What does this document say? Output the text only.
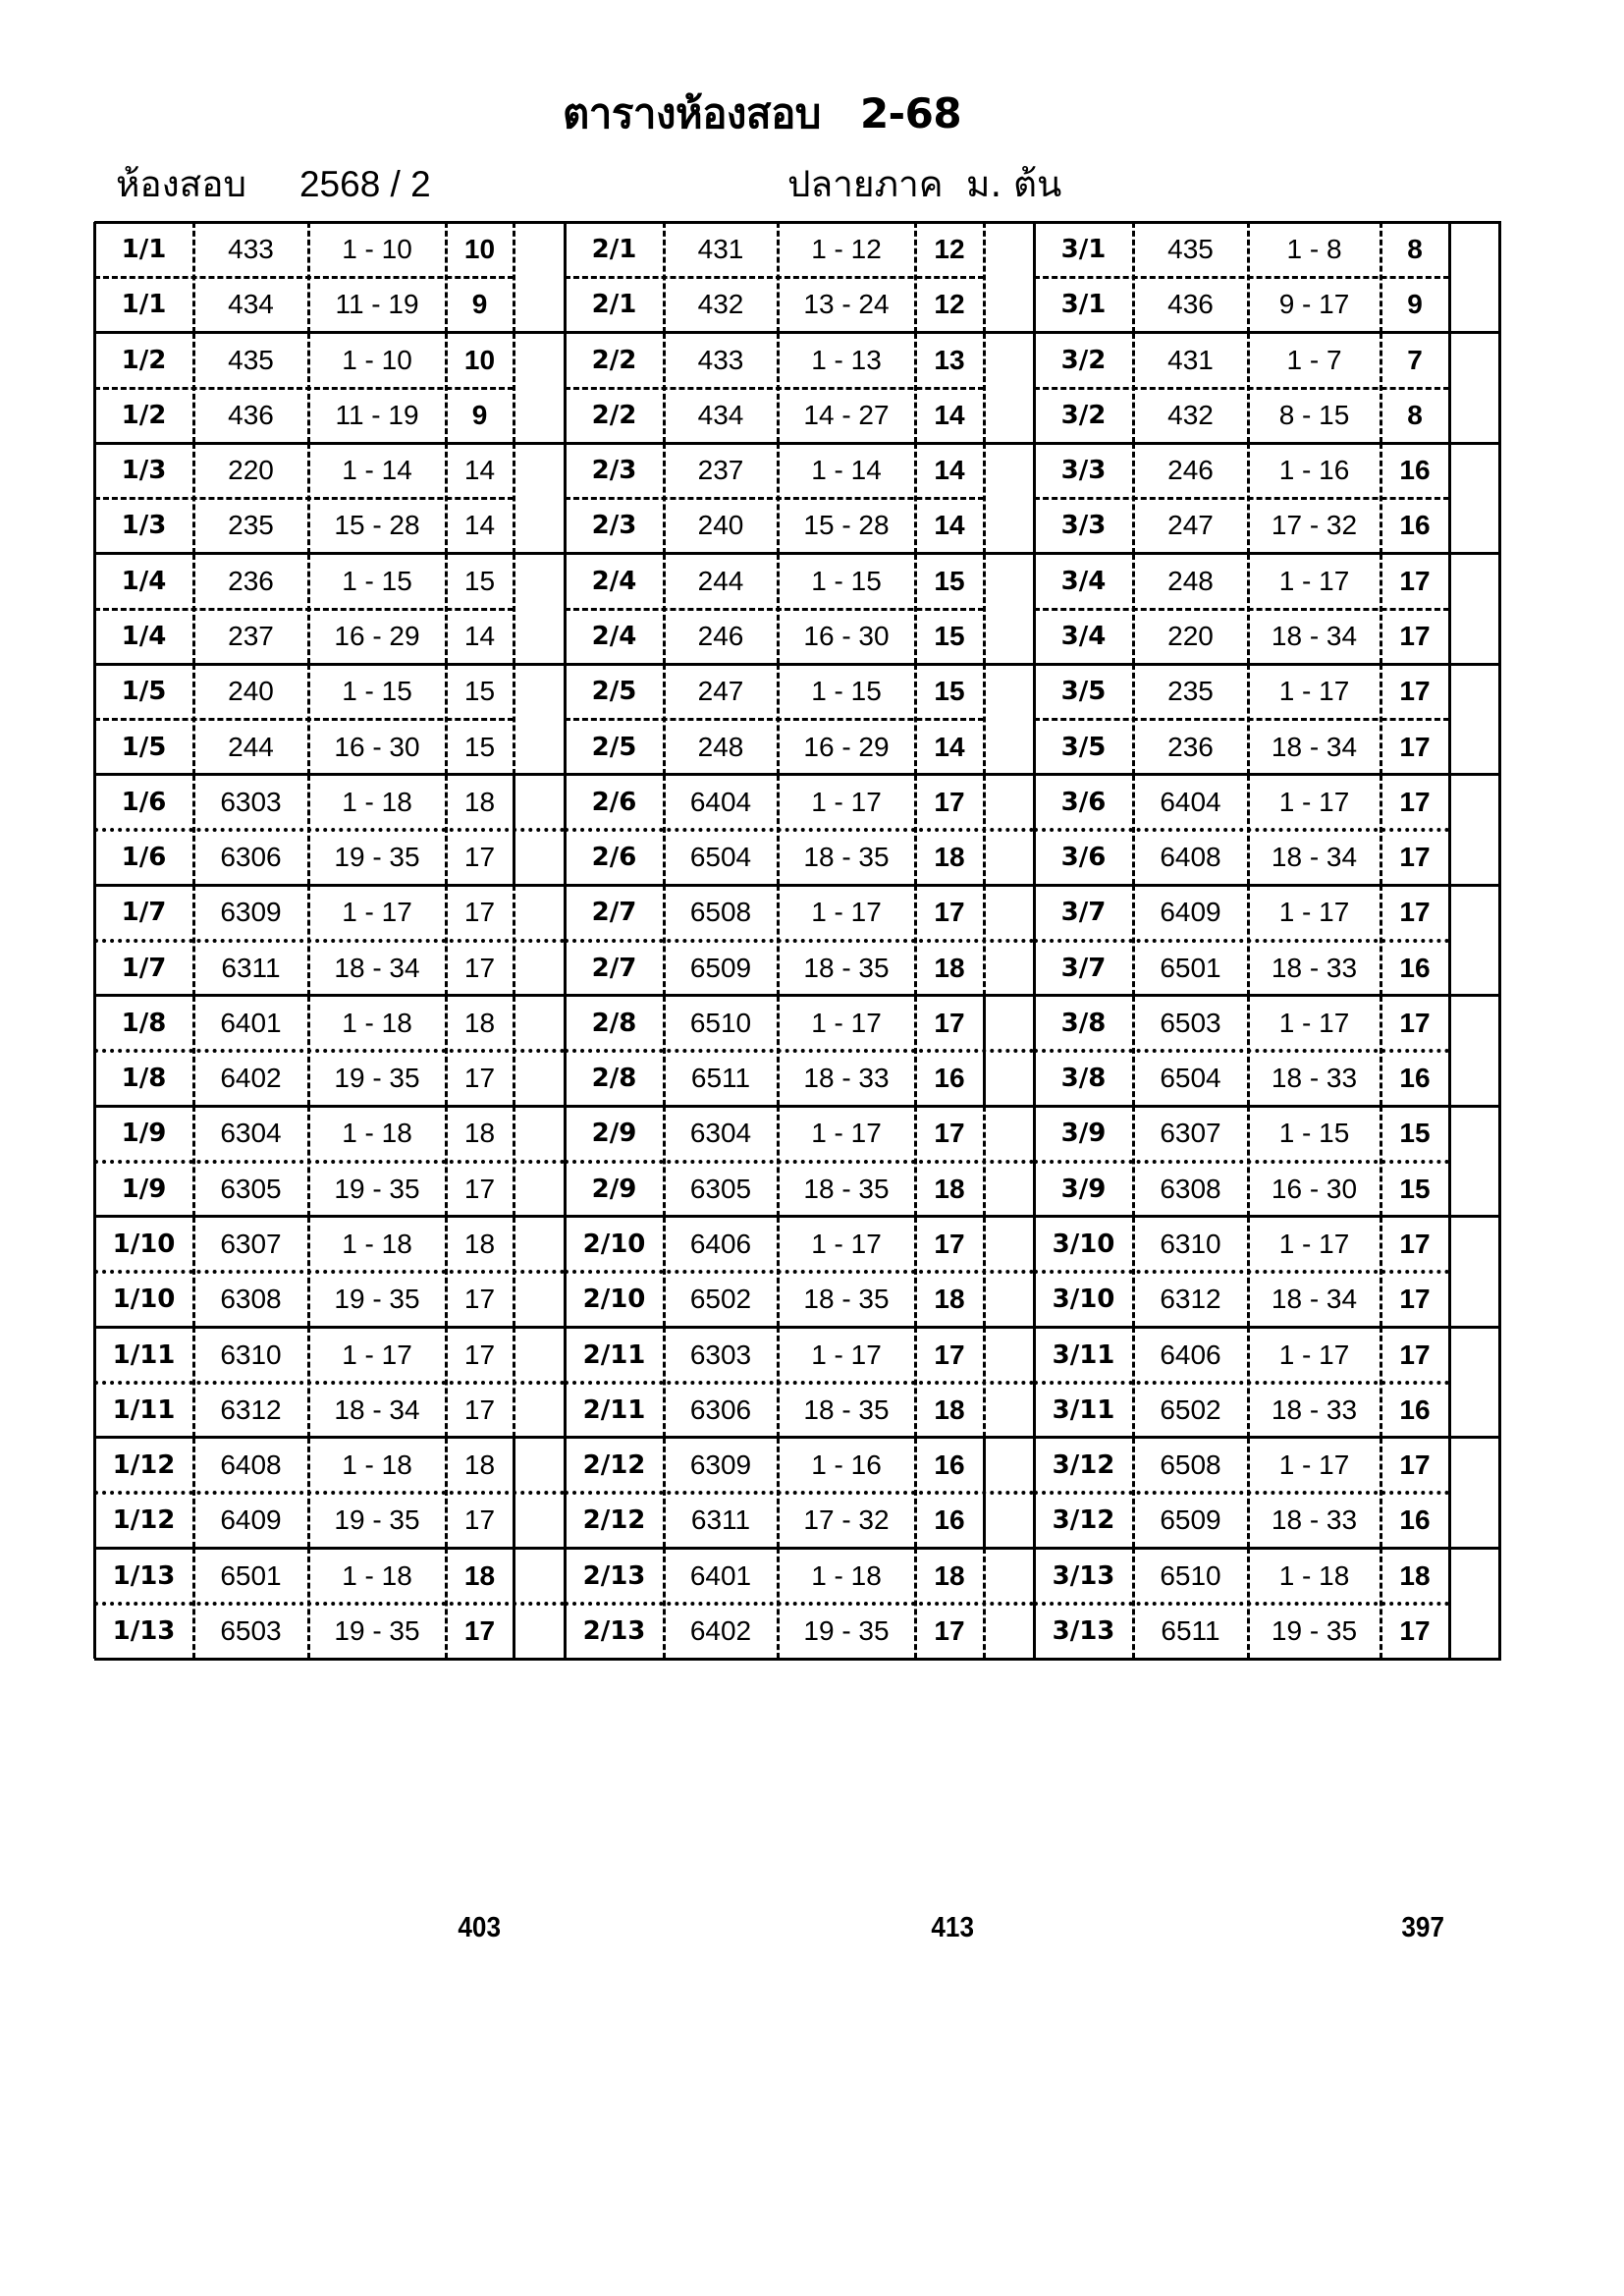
ตารางห้องสอบ 2-68
ห้องสอบ 2568 / 2	ปลายภาค  ม. ต้น
1/1	433	1 - 10	10
1/1	434	11 - 19	9
1/2	435	1 - 10	10
1/2	436	11 - 19	9
1/3	220	1 - 14	14
1/3	235	15 - 28	14
1/4	236	1 - 15	15
1/4	237	16 - 29	14
1/5	240	1 - 15	15
1/5	244	16 - 30	15
1/6	6303	1 - 18	18
1/6	6306	19 - 35	17
1/7	6309	1 - 17	17
1/7	6311	18 - 34	17
1/8	6401	1 - 18	18
1/8	6402	19 - 35	17
1/9	6304	1 - 18	18
1/9	6305	19 - 35	17
1/10	6307	1 - 18	18
1/10	6308	19 - 35	17
1/11	6310	1 - 17	17
1/11	6312	18 - 34	17
1/12	6408	1 - 18	18
1/12	6409	19 - 35	17
1/13	6501	1 - 18	18
1/13	6503	19 - 35	17
2/1	431	1 - 12	12
2/1	432	13 - 24	12
2/2	433	1 - 13	13
2/2	434	14 - 27	14
2/3	237	1 - 14	14
2/3	240	15 - 28	14
2/4	244	1 - 15	15
2/4	246	16 - 30	15
2/5	247	1 - 15	15
2/5	248	16 - 29	14
2/6	6404	1 - 17	17
2/6	6504	18 - 35	18
2/7	6508	1 - 17	17
2/7	6509	18 - 35	18
2/8	6510	1 - 17	17
2/8	6511	18 - 33	16
2/9	6304	1 - 17	17
2/9	6305	18 - 35	18
2/10	6406	1 - 17	17
2/10	6502	18 - 35	18
2/11	6303	1 - 17	17
2/11	6306	18 - 35	18
2/12	6309	1 - 16	16
2/12	6311	17 - 32	16
2/13	6401	1 - 18	18
2/13	6402	19 - 35	17
3/1	435	1 - 8	8
3/1	436	9 - 17	9
3/2	431	1 - 7	7
3/2	432	8 - 15	8
3/3	246	1 - 16	16
3/3	247	17 - 32	16
3/4	248	1 - 17	17
3/4	220	18 - 34	17
3/5	235	1 - 17	17
3/5	236	18 - 34	17
3/6	6404	1 - 17	17
3/6	6408	18 - 34	17
3/7	6409	1 - 17	17
3/7	6501	18 - 33	16
3/8	6503	1 - 17	17
3/8	6504	18 - 33	16
3/9	6307	1 - 15	15
3/9	6308	16 - 30	15
3/10	6310	1 - 17	17
3/10	6312	18 - 34	17
3/11	6406	1 - 17	17
3/11	6502	18 - 33	16
3/12	6508	1 - 17	17
3/12	6509	18 - 33	16
3/13	6510	1 - 18	18
3/13	6511	19 - 35	17
403	413	397
